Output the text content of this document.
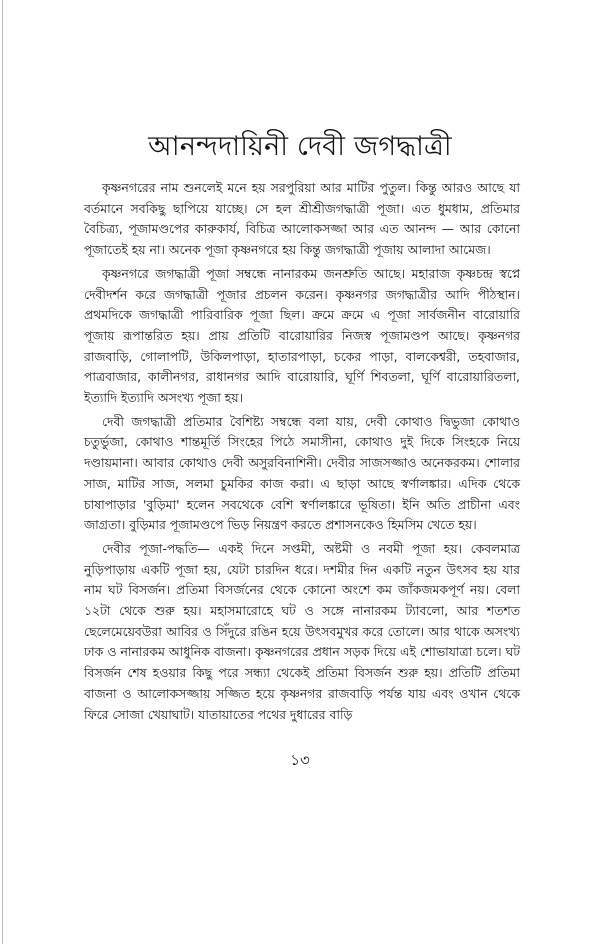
আনন্দদায়িনী দেবী জগদ্ধাত্রী

কৃষ্ণনগরের নাম শুনলেই মনে হয় সরপুরিয়া আর মাটির পুতুল। কিন্তু আরও আছে যা বর্তমানে সবকিছু ছাপিয়ে যাচ্ছে। সে হল শ্রীশ্রীজগদ্ধাত্রী পূজা। এত ধুমধাম, প্রতিমার বৈচিত্র্য, পূজামণ্ডপের কারুকার্য, বিচিত্র আলোকসজ্জা আর এত আনন্দ — আর কোনো পূজাতেই হয় না। অনেক পূজা কৃষ্ণনগরে হয় কিন্তু জগদ্ধাত্রী পূজায় আলাদা আমেজ।

কৃষ্ণনগরে জগদ্ধাত্রী পূজা সম্বন্ধে নানারকম জনশ্রুতি আছে। মহারাজ কৃষ্ণচন্দ্র স্বপ্নে দেবীদর্শন করে জগদ্ধাত্রী পূজার প্রচলন করেন। কৃষ্ণনগর জগদ্ধাত্রীর আদি পীঠস্থান। প্রথমদিকে জগদ্ধাত্রী পারিবারিক পূজা ছিল। ক্রমে ক্রমে এ পূজা সার্বজনীন বারোয়ারি পূজায় রূপান্তরিত হয়। প্রায় প্রতিটি বারোয়ারির নিজস্ব পূজামণ্ডপ আছে। কৃষ্ণনগর রাজবাড়ি, গোলাপটি, উকিলপাড়া, হাতারপাড়া, চকের পাড়া, বালকেশ্বরী, তহবাজার, পাত্রবাজার, কালীনগর, রাধানগর আদি বারোয়ারি, ঘূর্ণি শিবতলা, ঘূর্ণি বারোয়ারিতলা, ইত্যাদি ইত্যাদি অসংখ্য পূজা হয়।

দেবী জগদ্ধাত্রী প্রতিমার বৈশিষ্ট্য সম্বন্ধে বলা যায়, দেবী কোথাও দ্বিভুজা কোথাও চতুর্ভুজা, কোথাও শান্তমূর্তি সিংহের পিঠে সমাসীনা, কোথাও দুই দিকে সিংহকে নিয়ে দণ্ডায়মানা। আবার কোথাও দেবী অসুরবিনাশিনী। দেবীর সাজসজ্জাও অনেকরকম। শোলার সাজ, মাটির সাজ, সলমা চুমকির কাজ করা। এ ছাড়া আছে স্বর্ণালঙ্কার। এদিক থেকে চাষাপাড়ার 'বুড়িমা' হলেন সবথেকে বেশি স্বর্ণালঙ্কারে ভূষিতা। ইনি অতি প্রাচীনা এবং জাগ্রতা। বুড়িমার পূজামণ্ডপে ভিড় নিয়ন্ত্রণ করতে প্রশাসনকেও হিমসিম খেতে হয়।

দেবীর পূজা-পদ্ধতি— একই দিনে সপ্তমী, অষ্টমী ও নবমী পূজা হয়। কেবলমাত্র নুড়িপাড়ায় একটি পূজা হয়, যেটা চারদিন ধরে। দশমীর দিন একটি নতুন উৎসব হয় যার নাম ঘট বিসর্জন। প্রতিমা বিসর্জনের থেকে কোনো অংশে কম জাঁকজমকপূর্ণ নয়। বেলা ১২টা থেকে শুরু হয়। মহাসমারোহে ঘট ও সঙ্গে নানারকম ট্যাবলো, আর শতশত ছেলেমেয়েবউরা আবির ও সিঁদুরে রঙিন হয়ে উৎসবমুখর করে তোলে। আর থাকে অসংখ্য ঢাক ও নানারকম আধুনিক বাজনা। কৃষ্ণনগরের প্রধান সড়ক দিয়ে এই শোভাযাত্রা চলে। ঘট বিসর্জন শেষ হওয়ার কিছু পরে সন্ধ্যা থেকেই প্রতিমা বিসর্জন শুরু হয়। প্রতিটি প্রতিমা বাজনা ও আলোকসজ্জায় সজ্জিত হয়ে কৃষ্ণনগর রাজবাড়ি পর্যন্ত যায় এবং ওখান থেকে ফিরে সোজা খেয়াঘাট। যাতায়াতের পথের দুধারের বাড়ি

১৩
